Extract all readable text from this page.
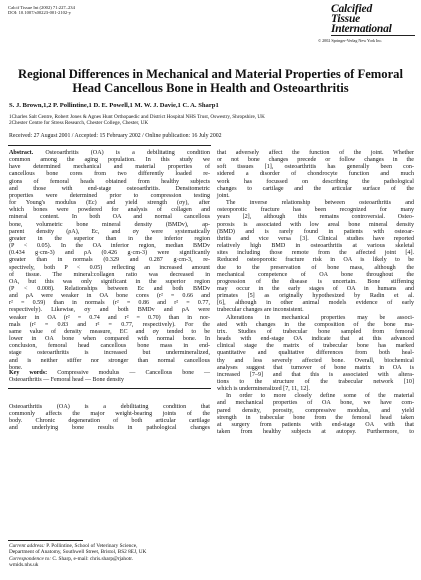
Calcif Tissue Int (2002) 71:227–234
DOI: 10.1007/s00223-001-2102-y	Calcified
Tissue
International
© 2002 Springer-Verlag New York Inc.
Regional Differences in Mechanical and Material Properties of Femoral
Head Cancellous Bone in Health and Osteoarthritis
S. J. Brown,1,2 P. Pollintine,1 D. E. Powell,1 M. W. J. Davie,1 C. A. Sharp1
1Charles Salt Centre, Robert Jones & Agnes Hunt Orthopaedic and District Hospital NHS Trust, Oswestry, Shropshire, UK
2Chester Centre for Stress Research, Chester College, Chester, UK
Received: 27 August 2001 / Accepted: 15 February 2002 / Online publication: 16 July 2002
Abstract. Osteoarthritis (OA) is a debilitating condition
common among the aging population. In this study we
have determined mechanical and material properties of
cancellous bone cores from two differently loaded re-
gions of femoral heads obtained from healthy subjects
and those with end-stage osteoarthritis. Densitometric
properties were determined prior to compression testing
for Young's modulus (Ec) and yield strength (σy), after
which bones were powdered for analysis of collagen and
mineral content. In both OA and normal cancellous
bone, volumetric bone mineral density (BMDv), ap-
parent density (ρA), Ec, and σy were systematically
greater in the superior than in the inferior region
(P < 0.05). In the OA inferior region, median BMDv
(0.434 g·cm-3) and ρA (0.426 g·cm-3) were significantly
greater than in normals (0.329 and 0.287 g·cm-3, re-
spectively, both P < 0.05) reflecting an increased amount
of tissue. The mineral:collagen ratio was decreased in
OA, but this was only significant in the superior region
(P < 0.008). Relationships between Ec and both BMDv
and ρA were weaker in OA bone cores (r² = 0.66 and
r² = 0.59) than in normals (r² = 0.86 and r² = 0.77,
respectively). Likewise, σy and both BMDv and ρA were
weaker in OA (r² = 0.74 and r² = 0.70) than in nor-
mals (r² = 0.83 and r² = 0.77, respectively). For the
same value of density measure, EC and σy tended to be
lower in OA bone when compared with normal bone. In
conclusion, femoral head cancellous bone mass in end-
stage osteoarthritis is increased but undermineralized,
and is neither stiffer nor stronger than normal cancellous
bone.
Key words: Compressive modulus — Cancellous bone —
Osteoarthritis — Femoral head — Bone density
Osteoarthritis (OA) is a debilitating condition that
commonly affects the major weight-bearing joints of the
body. Chronic degeneration of both articular cartilage
and underlying bone results in pathological changes
Current address: P. Pollintine, School of Veterinary Science,
Department of Anatomy, Southwell Street, Bristol, BS2 8EJ, UK
Correspondence to: C. Sharp, e-mail: chris.sharp@rjahotr.
wmids.nhs.uk
that adversely affect the function of the joint. Whether
or not bone changes precede or follow changes in the
soft tissues [1], osteoarthritis has generally been con-
sidered a disorder of chondrocyte function and much
work has focussed on describing the pathological
changes to cartilage and the articular surface of the
joint.
The inverse relationship between osteoarthritis and
osteoporotic fracture has been recognized for many
years [2], although this remains controversial. Osteo-
porosis is associated with low areal bone mineral density
(BMD) and is rarely found in patients with osteoar-
thritis and vice versa [3]. Clinical studies have reported
relatively high BMD in osteoarthritis at various skeletal
sites including those remote from the affected joint [4].
Reduced osteoporotic fracture risk in OA is likely to be
due to the preservation of bone mass, although the
mechanical competence of OA bone throughout the
progression of the disease is uncertain. Bone stiffening
may occur in the early stages of OA in humans and
primates [5] as originally hypothesized by Radin et al.
[6], although in other animal models evidence of early
trabecular changes are inconsistent.
Alterations in mechanical properties may be associ-
ated with changes in the composition of the bone ma-
trix. Studies of trabecular bone sampled from femoral
heads with end-stage OA indicate that at this advanced
clinical stage the matrix of trabecular bone has marked
quantitative and qualitative differences from both heal-
thy and less severely affected bone. Overall, biochemical
analyses suggest that turnover of bone matrix in OA is
increased [7–9] and that this is associated with altera-
tions to the structure of the trabecular network [10]
which is undermineralized [7, 11, 12].
In order to more closely define some of the material
and mechanical properties of OA bone, we have com-
pared density, porosity, compressive modulus, and yield
strength in trabecular bone from the femoral head taken
at surgery from patients with end-stage OA with that
taken from healthy subjects at autopsy. Furthermore, to
